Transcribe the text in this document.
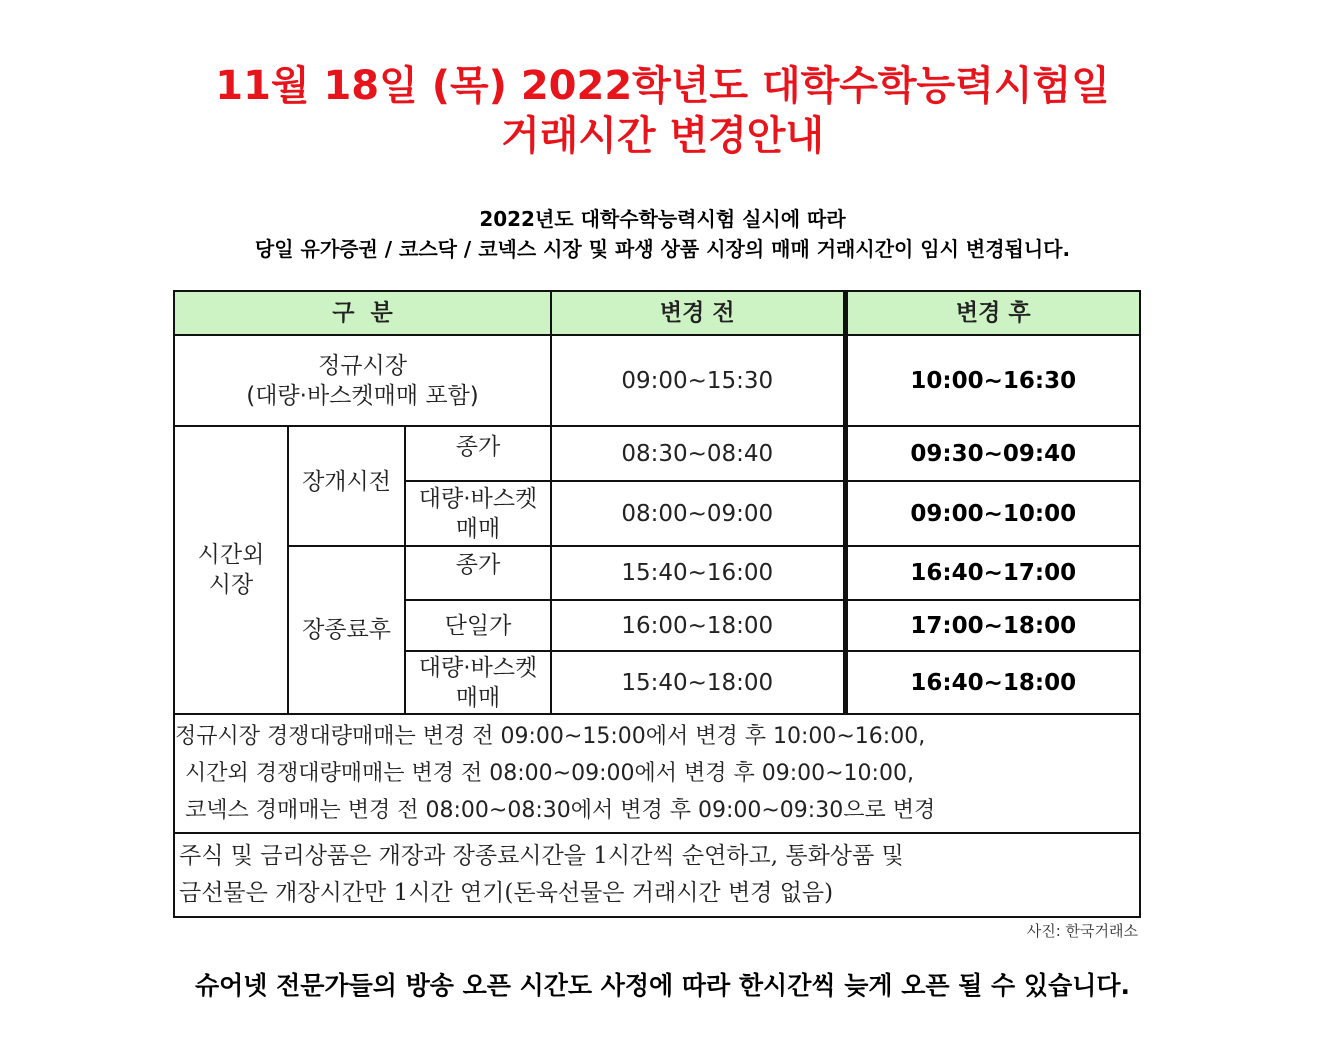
11월 18일 (목) 2022학년도 대학수학능력시험일
거래시간 변경안내
2022년도 대학수학능력시험 실시에 따라
당일 유가증권 / 코스닥 / 코넥스 시장 및 파생 상품 시장의 매매 거래시간이 임시 변경됩니다.
구  분			변경 전	변경 후

정규시장
(대량·바스켓매매 포함)			09:00~15:30	10:00~16:30

시간외
시장	장개시전	종가	08:30~08:40	09:30~09:40

		대량·바스켓
매매	08:00~09:00	09:00~10:00
	장종료후	종가	15:40~16:00	16:40~17:00

		단일가	16:00~18:00	17:00~18:00

		대량·바스켓
매매	15:40~18:00	16:40~18:00

정규시장 경쟁대량매매는 변경 전 09:00~15:00에서 변경 후 10:00~16:00,
시간외 경쟁대량매매는 변경 전 08:00~09:00에서 변경 후 09:00~10:00,
코넥스 경매매는 변경 전 08:00~08:30에서 변경 후 09:00~09:30으로 변경				

주식 및 금리상품은 개장과 장종료시간을 1시간씩 순연하고, 통화상품 및
금선물은 개장시간만 1시간 연기(돈육선물은 거래시간 변경 없음)				
사진: 한국거래소
슈어넷 전문가들의 방송 오픈 시간도 사정에 따라 한시간씩 늦게 오픈 될 수 있습니다.
